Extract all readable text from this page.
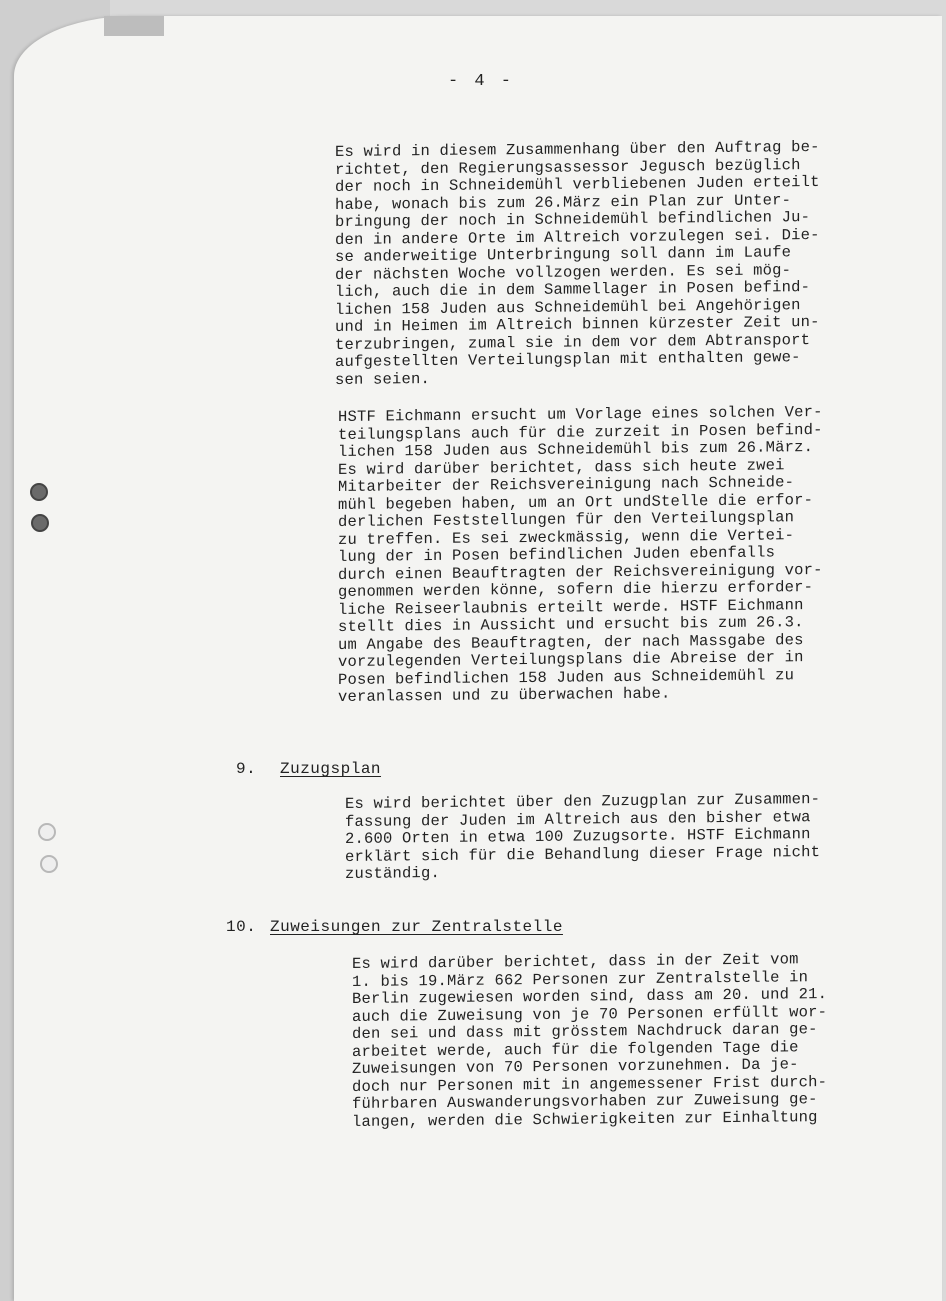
- 4 -
Es wird in diesem Zusammenhang über den Auftrag be-
richtet, den Regierungsassessor Jegusch bezüglich
der noch in Schneidemühl verbliebenen Juden erteilt
habe, wonach bis zum 26.März ein Plan zur Unter-
bringung der noch in Schneidemühl befindlichen Ju-
den in andere Orte im Altreich vorzulegen sei. Die-
se anderweitige Unterbringung soll dann im Laufe
der nächsten Woche vollzogen werden. Es sei mög-
lich, auch die in dem Sammellager in Posen befind-
lichen 158 Juden aus Schneidemühl bei Angehörigen
und in Heimen im Altreich binnen kürzester Zeit un-
terzubringen, zumal sie in dem vor dem Abtransport
aufgestellten Verteilungsplan mit enthalten gewe-
sen seien.
HSTF Eichmann ersucht um Vorlage eines solchen Ver-
teilungsplans auch für die zurzeit in Posen befind-
lichen 158 Juden aus Schneidemühl bis zum 26.März.
Es wird darüber berichtet, dass sich heute zwei
Mitarbeiter der Reichsvereinigung nach Schneide-
mühl begeben haben, um an Ort undStelle die erfor-
derlichen Feststellungen für den Verteilungsplan
zu treffen. Es sei zweckmässig, wenn die Vertei-
lung der in Posen befindlichen Juden ebenfalls
durch einen Beauftragten der Reichsvereinigung vor-
genommen werden könne, sofern die hierzu erforder-
liche Reiseerlaubnis erteilt werde. HSTF Eichmann
stellt dies in Aussicht und ersucht bis zum 26.3.
um Angabe des Beauftragten, der nach Massgabe des
vorzulegenden Verteilungsplans die Abreise der in
Posen befindlichen 158 Juden aus Schneidemühl zu
veranlassen und zu überwachen habe.
9. Zuzugsplan
Es wird berichtet über den Zuzugplan zur Zusammen-
fassung der Juden im Altreich aus den bisher etwa
2.600 Orten in etwa 100 Zuzugsorte. HSTF Eichmann
erklärt sich für die Behandlung dieser Frage nicht
zuständig.
10. Zuweisungen zur Zentralstelle
Es wird darüber berichtet, dass in der Zeit vom
1. bis 19.März 662 Personen zur Zentralstelle in
Berlin zugewiesen worden sind, dass am 20. und 21.
auch die Zuweisung von je 70 Personen erfüllt wor-
den sei und dass mit grösstem Nachdruck daran ge-
arbeitet werde, auch für die folgenden Tage die
Zuweisungen von 70 Personen vorzunehmen. Da je-
doch nur Personen mit in angemessener Frist durch-
führbaren Auswanderungsvorhaben zur Zuweisung ge-
langen, werden die Schwierigkeiten zur Einhaltung
